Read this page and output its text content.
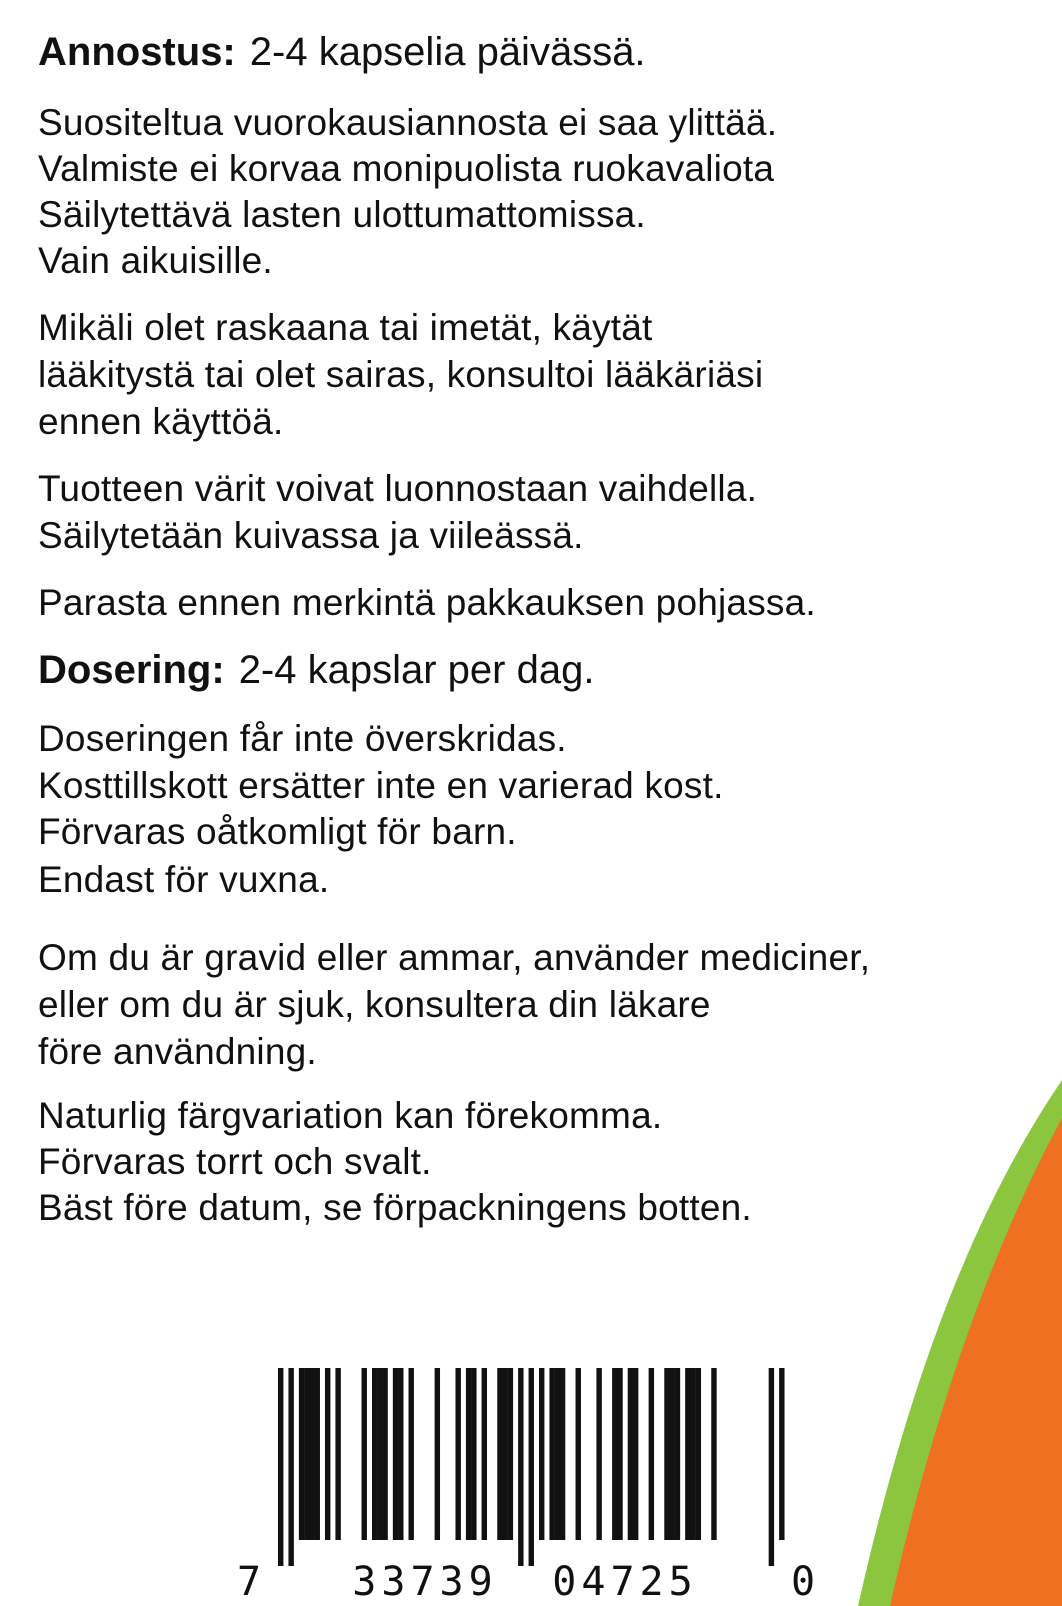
Annostus: 2-4 kapselia päivässä.
Suositeltua vuorokausiannosta ei saa ylittää.
Valmiste ei korvaa monipuolista ruokavaliota
Säilytettävä lasten ulottumattomissa.
Vain aikuisille.
Mikäli olet raskaana tai imetät, käytät
lääkitystä tai olet sairas, konsultoi lääkäriäsi
ennen käyttöä.
Tuotteen värit voivat luonnostaan vaihdella.
Säilytetään kuivassa ja viileässä.
Parasta ennen merkintä pakkauksen pohjassa.
Dosering: 2-4 kapslar per dag.
Doseringen får inte överskridas.
Kosttillskott ersätter inte en varierad kost.
Förvaras oåtkomligt för barn.
Endast för vuxna.
Om du är gravid eller ammar, använder mediciner,
eller om du är sjuk, konsultera din läkare
före användning.
Naturlig färgvariation kan förekomma.
Förvaras torrt och svalt.
Bäst före datum, se förpackningens botten.
7	33739	04725	0
